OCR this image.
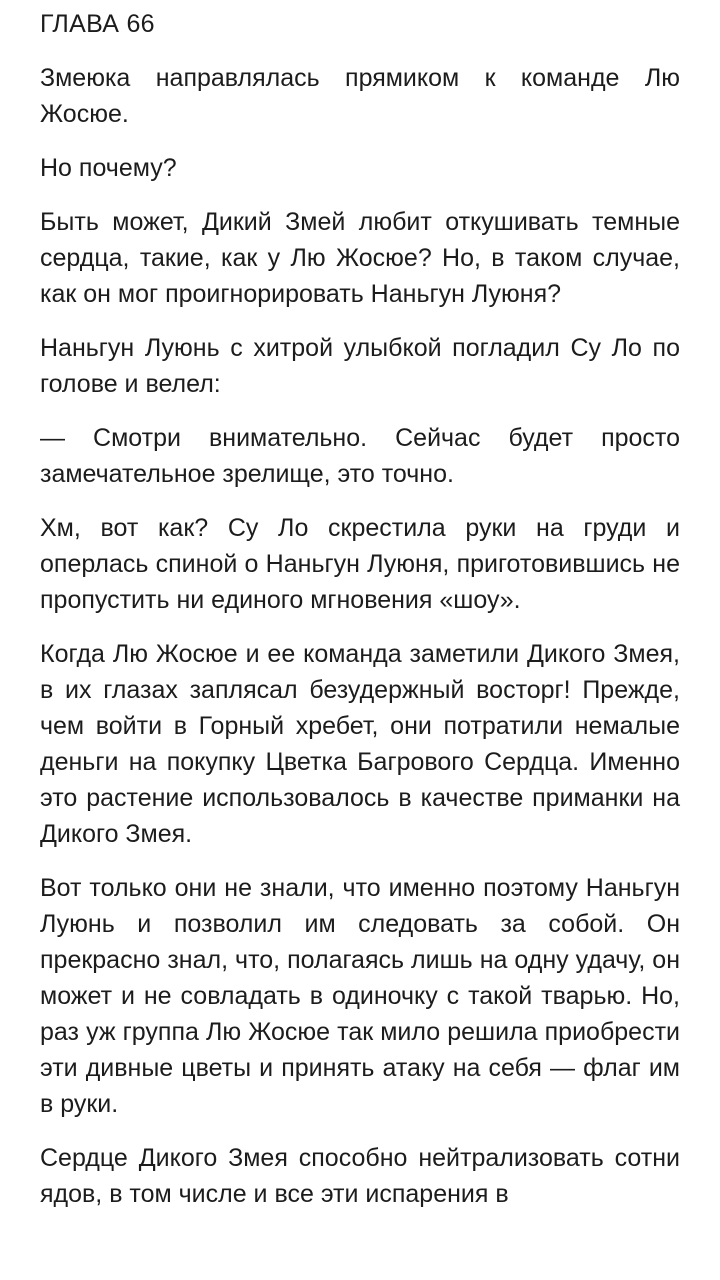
ГЛАВА 66

Змеюка направлялась прямиком к команде Лю Жосюе.

Но почему?

Быть может, Дикий Змей любит откушивать темные сердца, такие, как у Лю Жосюе? Но, в таком случае, как он мог проигнорировать Наньгун Луюня?

Наньгун Луюнь с хитрой улыбкой погладил Су Ло по голове и велел:

— Смотри внимательно. Сейчас будет просто замечательное зрелище, это точно.

Хм, вот как? Су Ло скрестила руки на груди и оперлась спиной о Наньгун Луюня, приготовившись не пропустить ни единого мгновения «шоу».

Когда Лю Жосюе и ее команда заметили Дикого Змея, в их глазах заплясал безудержный восторг! Прежде, чем войти в Горный хребет, они потратили немалые деньги на покупку Цветка Багрового Сердца. Именно это растение использовалось в качестве приманки на Дикого Змея.

Вот только они не знали, что именно поэтому Наньгун Луюнь и позволил им следовать за собой. Он прекрасно знал, что, полагаясь лишь на одну удачу, он может и не совладать в одиночку с такой тварью. Но, раз уж группа Лю Жосюе так мило решила приобрести эти дивные цветы и принять атаку на себя — флаг им в руки.

Сердце Дикого Змея способно нейтрализовать сотни ядов, в том числе и все эти испарения в
